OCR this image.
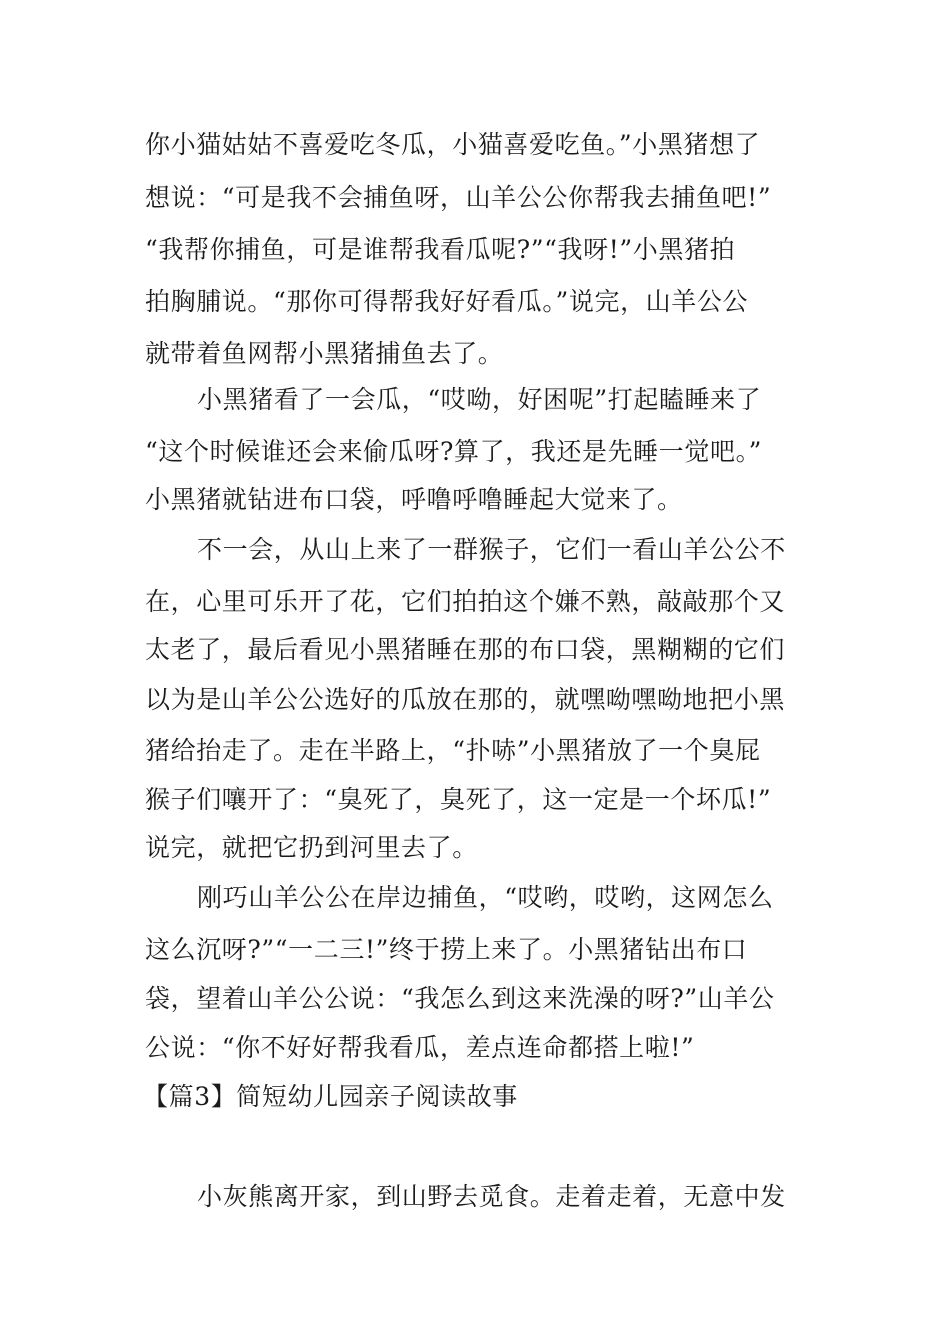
你小猫姑姑不喜爱吃冬瓜，小猫喜爱吃鱼。”小黑猪想了
想说：“可是我不会捕鱼呀，山羊公公你帮我去捕鱼吧!”
“我帮你捕鱼，可是谁帮我看瓜呢?”“我呀!”小黑猪拍
拍胸脯说。“那你可得帮我好好看瓜。”说完，山羊公公
就带着鱼网帮小黑猪捕鱼去了。
小黑猪看了一会瓜，“哎呦，好困呢”打起瞌睡来了
“这个时候谁还会来偷瓜呀?算了，我还是先睡一觉吧。”
小黑猪就钻进布口袋，呼噜呼噜睡起大觉来了。
不一会，从山上来了一群猴子，它们一看山羊公公不
在，心里可乐开了花，它们拍拍这个嫌不熟，敲敲那个又
太老了，最后看见小黑猪睡在那的布口袋，黑糊糊的它们
以为是山羊公公选好的瓜放在那的，就嘿呦嘿呦地把小黑
猪给抬走了。走在半路上，“扑哧”小黑猪放了一个臭屁
猴子们嚷开了：“臭死了，臭死了，这一定是一个坏瓜!”
说完，就把它扔到河里去了。
刚巧山羊公公在岸边捕鱼，“哎哟，哎哟，这网怎么
这么沉呀?”“一二三!”终于捞上来了。小黑猪钻出布口
袋，望着山羊公公说：“我怎么到这来洗澡的呀?”山羊公
公说：“你不好好帮我看瓜，差点连命都搭上啦!”
【篇3】简短幼儿园亲子阅读故事
小灰熊离开家，到山野去觅食。走着走着，无意中发
